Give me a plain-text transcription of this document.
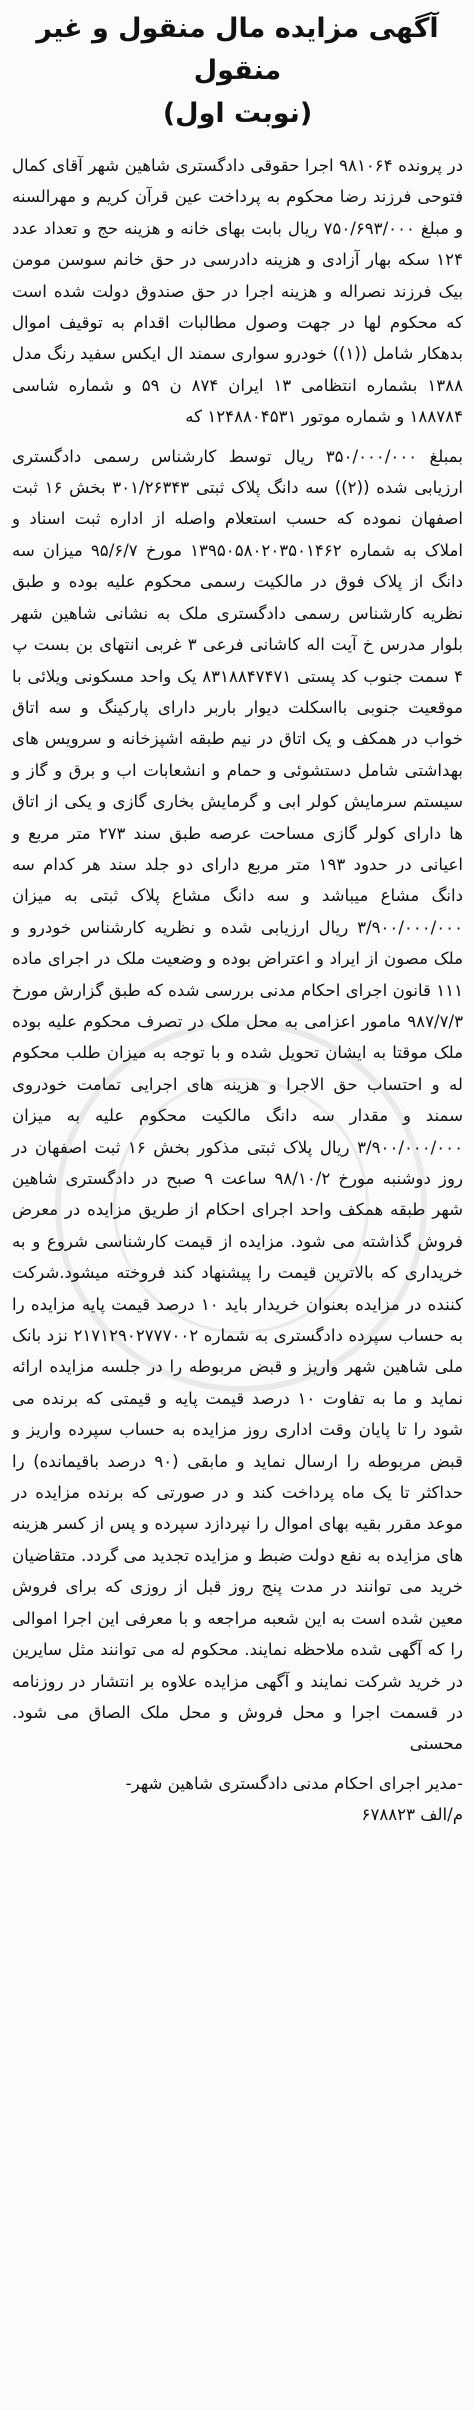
آگهی مزایده مال منقول و غیر منقول
(نوبت اول)

در پرونده ۹۸۱۰۶۴ اجرا حقوقی دادگستری شاهین شهر آقای کمال فتوحی فرزند رضا محکوم به پرداخت عین قرآن کریم و مهرالسنه و مبلغ ۷۵۰/۶۹۳/۰۰۰ ریال بابت بهای خانه و هزینه حج و تعداد عدد ۱۲۴ سکه بهار آزادی و هزینه دادرسی در حق خانم سوسن مومن بیک فرزند نصراله و هزینه اجرا در حق صندوق دولت شده است که محکوم لها در جهت وصول مطالبات اقدام به توقیف اموال بدهکار شامل ((۱)) خودرو سواری سمند ال ایکس سفید رنگ مدل ۱۳۸۸ بشماره انتظامی ۱۳ ایران ۸۷۴ ن ۵۹ و شماره شاسی ۱۸۸۷۸۴ و شماره موتور ۱۲۴۸۸۰۴۵۳۱ که

بمبلغ ۳۵۰/۰۰۰/۰۰۰ ریال توسط کارشناس رسمی دادگستری ارزیابی شده ((۲)) سه دانگ پلاک ثبتی ۳۰۱/۲۶۳۴۳ بخش ۱۶ ثبت اصفهان نموده که حسب استعلام واصله از اداره ثبت اسناد و املاک به شماره ۱۳۹۵۰۵۸۰۲۰۳۵۰۱۴۶۲ مورخ ۹۵/۶/۷ میزان سه دانگ از پلاک فوق در مالکیت رسمی محکوم علیه بوده و طبق نظریه کارشناس رسمی دادگستری ملک به نشانی شاهین شهر بلوار مدرس خ آیت اله کاشانی فرعی ۳ غربی انتهای بن بست پ ۴ سمت جنوب کد پستی ۸۳۱۸۸۴۷۴۷۱ یک واحد مسکونی ویلائی با موقعیت جنوبی بااسکلت دیوار باربر دارای پارکینگ و سه اتاق خواب در همکف و یک اتاق در نیم طبقه اشپزخانه و سرویس های بهداشتی شامل دستشوئی و حمام و انشعابات اب و برق و گاز و سیستم سرمایش کولر ابی و گرمایش بخاری گازی و یکی از اتاق ها دارای کولر گازی مساحت عرصه طبق سند ۲۷۳ متر مربع و اعیانی در حدود ۱۹۳ متر مربع دارای دو جلد سند هر کدام سه دانگ مشاع میباشد و سه دانگ مشاع پلاک ثبتی به میزان ۳/۹۰۰/۰۰۰/۰۰۰ ریال ارزیابی شده و نظریه کارشناس خودرو و ملک مصون از ایراد و اعتراض بوده و وضعیت ملک در اجرای ماده ۱۱۱ قانون اجرای احکام مدنی بررسی شده که طبق گزارش مورخ ۹۸۷/۷/۳ مامور اعزامی به محل ملک در تصرف محکوم علیه بوده ملک موقتا به ایشان تحویل شده و با توجه به میزان طلب محکوم له و احتساب حق الاجرا و هزینه های اجرایی تمامت خودروی سمند و مقدار سه دانگ مالکیت محکوم علیه به میزان ۳/۹۰۰/۰۰۰/۰۰۰ ریال پلاک ثبتی مذکور بخش ۱۶ ثبت اصفهان در روز دوشنبه مورخ ۹۸/۱۰/۲ ساعت ۹ صبح در دادگستری شاهین شهر طبقه همکف واحد اجرای احکام از طریق مزایده در معرض فروش گذاشته می شود. مزایده از قیمت کارشناسی شروع و به خریداری که بالاترین قیمت را پیشنهاد کند فروخته میشود.شرکت کننده در مزایده بعنوان خریدار باید ۱۰ درصد قیمت پایه مزایده را به حساب سپرده دادگستری به شماره ۲۱۷۱۲۹۰۲۷۷۷۰۰۲ نزد بانک ملی شاهین شهر واریز و قبض مربوطه را در جلسه مزایده ارائه نماید و ما به تفاوت ۱۰ درصد قیمت پایه و قیمتی که برنده می شود را تا پایان وقت اداری روز مزایده به حساب سپرده واریز و قبض مربوطه را ارسال نماید و مابقی (۹۰ درصد باقیمانده) را حداکثر تا یک ماه پرداخت کند و در صورتی که برنده مزایده در موعد مقرر بقیه بهای اموال را نپردازد سپرده و پس از کسر هزینه های مزایده به نفع دولت ضبط و مزایده تجدید می گردد. متقاضیان خرید می توانند در مدت پنج روز قبل از روزی که برای فروش معین شده است به این شعبه مراجعه و با معرفی این اجرا اموالی را که آگهی شده ملاحظه نمایند. محکوم له می توانند مثل سایرین در خرید شرکت نمایند و آگهی مزایده علاوه بر انتشار در روزنامه در قسمت اجرا و محل فروش و محل ملک الصاق می شود. محسنی

-مدیر اجرای احکام مدنی دادگستری شاهین شهر-

م/الف ۶۷۸۸۲۳
